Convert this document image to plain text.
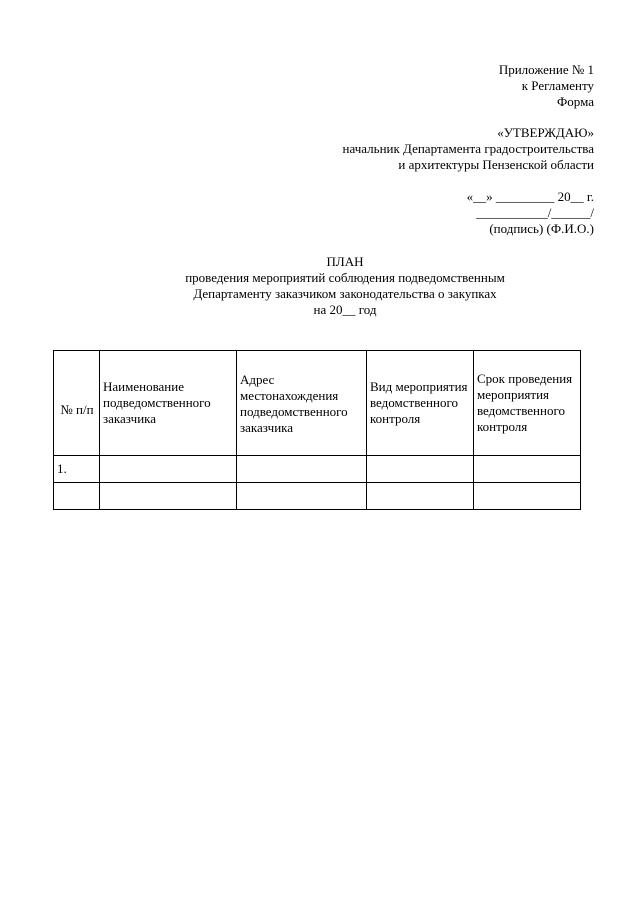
Приложение № 1
к Регламенту
Форма
«УТВЕРЖДАЮ»
начальник Департамента градостроительства
и архитектуры Пензенской области
«__» _________ 20__ г.
___________/______/
(подпись) (Ф.И.О.)
ПЛАН
проведения мероприятий соблюдения подведомственным
Департаменту заказчиком законодательства о закупках
на 20__ год
№ п/п	Наименование подведомственного заказчика	Адрес местонахождения подведомственного заказчика	Вид мероприятия ведомственного контроля	Срок проведения мероприятия ведомственного контроля
1.				
